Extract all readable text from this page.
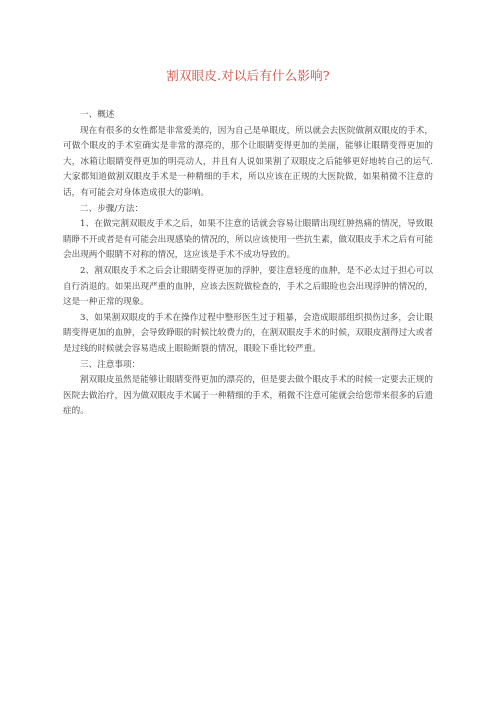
割双眼皮.对以后有什么影响?

一、概述

现在有很多的女性都是非常爱美的，因为自己是单眼皮，所以就会去医院做割双眼皮的手术，可做个眼皮的手术室确实是非常的漂亮的，那个让眼睛变得更加的美丽，能够让眼睛变得更加的大，冰箱让眼睛变得更加的明亮动人，并且有人说如果割了双眼皮之后能够更好地转自己的运气.大家都知道做割双眼皮手术是一种精细的手术，所以应该在正规的大医院做，如果稍微不注意的话，有可能会对身体造成很大的影响。

二、步骤/方法：

1、在做完割双眼皮手术之后，如果不注意的话就会容易让眼睛出现红肿热痛的情况，导致眼睛睁不开或者是有可能会出现感染的情况的，所以应该使用一些抗生素，做双眼皮手术之后有可能会出现两个眼睛不对称的情况，这应该是手术不成功导致的。

2、割双眼皮手术之后会让眼睛变得更加的浮肿，要注意轻度的血肿，是不必太过于担心可以自行消退的。如果出现严重的血肿，应该去医院做检查的，手术之后眼睑也会出现浮肿的情况的，这是一种正常的现象。

3、如果割双眼皮的手术在操作过程中整形医生过于粗暴，会造成眼部组织损伤过多，会让眼睛变得更加的血肿，会导致睁眼的时候比较费力的，在割双眼皮手术的时候，双眼皮割得过大或者是过线的时候就会容易造成上眼睑断裂的情况，眼睑下垂比较严重。

三、注意事项：

割双眼皮虽然是能够让眼睛变得更加的漂亮的，但是要去做个眼皮手术的时候一定要去正规的医院去做治疗，因为做双眼皮手术属于一种精细的手术，稍微不注意可能就会给您带来很多的后遗症的。
